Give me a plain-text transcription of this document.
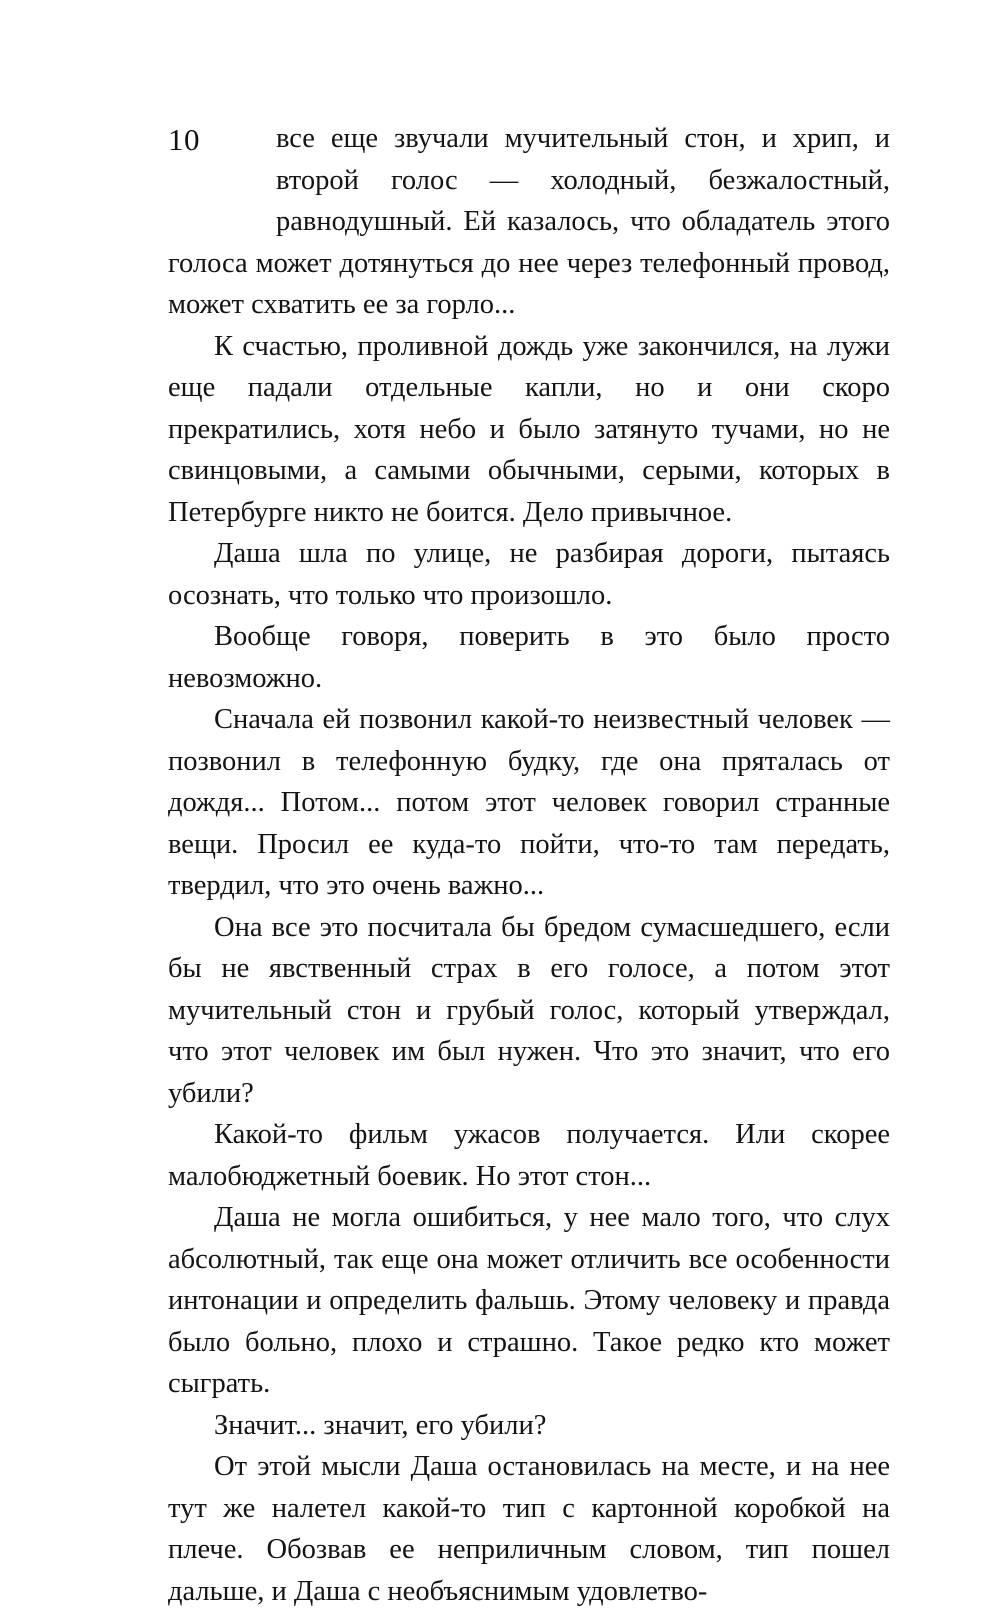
10	все еще звучали мучительный стон, и хрип, и второй голос — холодный, безжалостный, равнодушный. Ей казалось, что обладатель этого голоса может дотянуться до нее через телефонный провод, может схватить ее за горло...

К счастью, проливной дождь уже закончился, на лужи еще падали отдельные капли, но и они скоро прекратились, хотя небо и было затянуто тучами, но не свинцовыми, а самыми обычными, серыми, которых в Петербурге никто не боится. Дело привычное.

Даша шла по улице, не разбирая дороги, пытаясь осознать, что только что произошло.

Вообще говоря, поверить в это было просто невозможно.

Сначала ей позвонил какой-то неизвестный человек — позвонил в телефонную будку, где она пряталась от дождя... Потом... потом этот человек говорил странные вещи. Просил ее куда-то пойти, что-то там передать, твердил, что это очень важно...

Она все это посчитала бы бредом сумасшедшего, если бы не явственный страх в его голосе, а потом этот мучительный стон и грубый голос, который утверждал, что этот человек им был нужен. Что это значит, что его убили?

Какой-то фильм ужасов получается. Или скорее малобюджетный боевик. Но этот стон...

Даша не могла ошибиться, у нее мало того, что слух абсолютный, так еще она может отличить все особенности интонации и определить фальшь. Этому человеку и правда было больно, плохо и страшно. Такое редко кто может сыграть.

Значит... значит, его убили?

От этой мысли Даша остановилась на месте, и на нее тут же налетел какой-то тип с картонной коробкой на плече. Обозвав ее неприличным словом, тип пошел дальше, и Даша с необъяснимым удовлетво-
